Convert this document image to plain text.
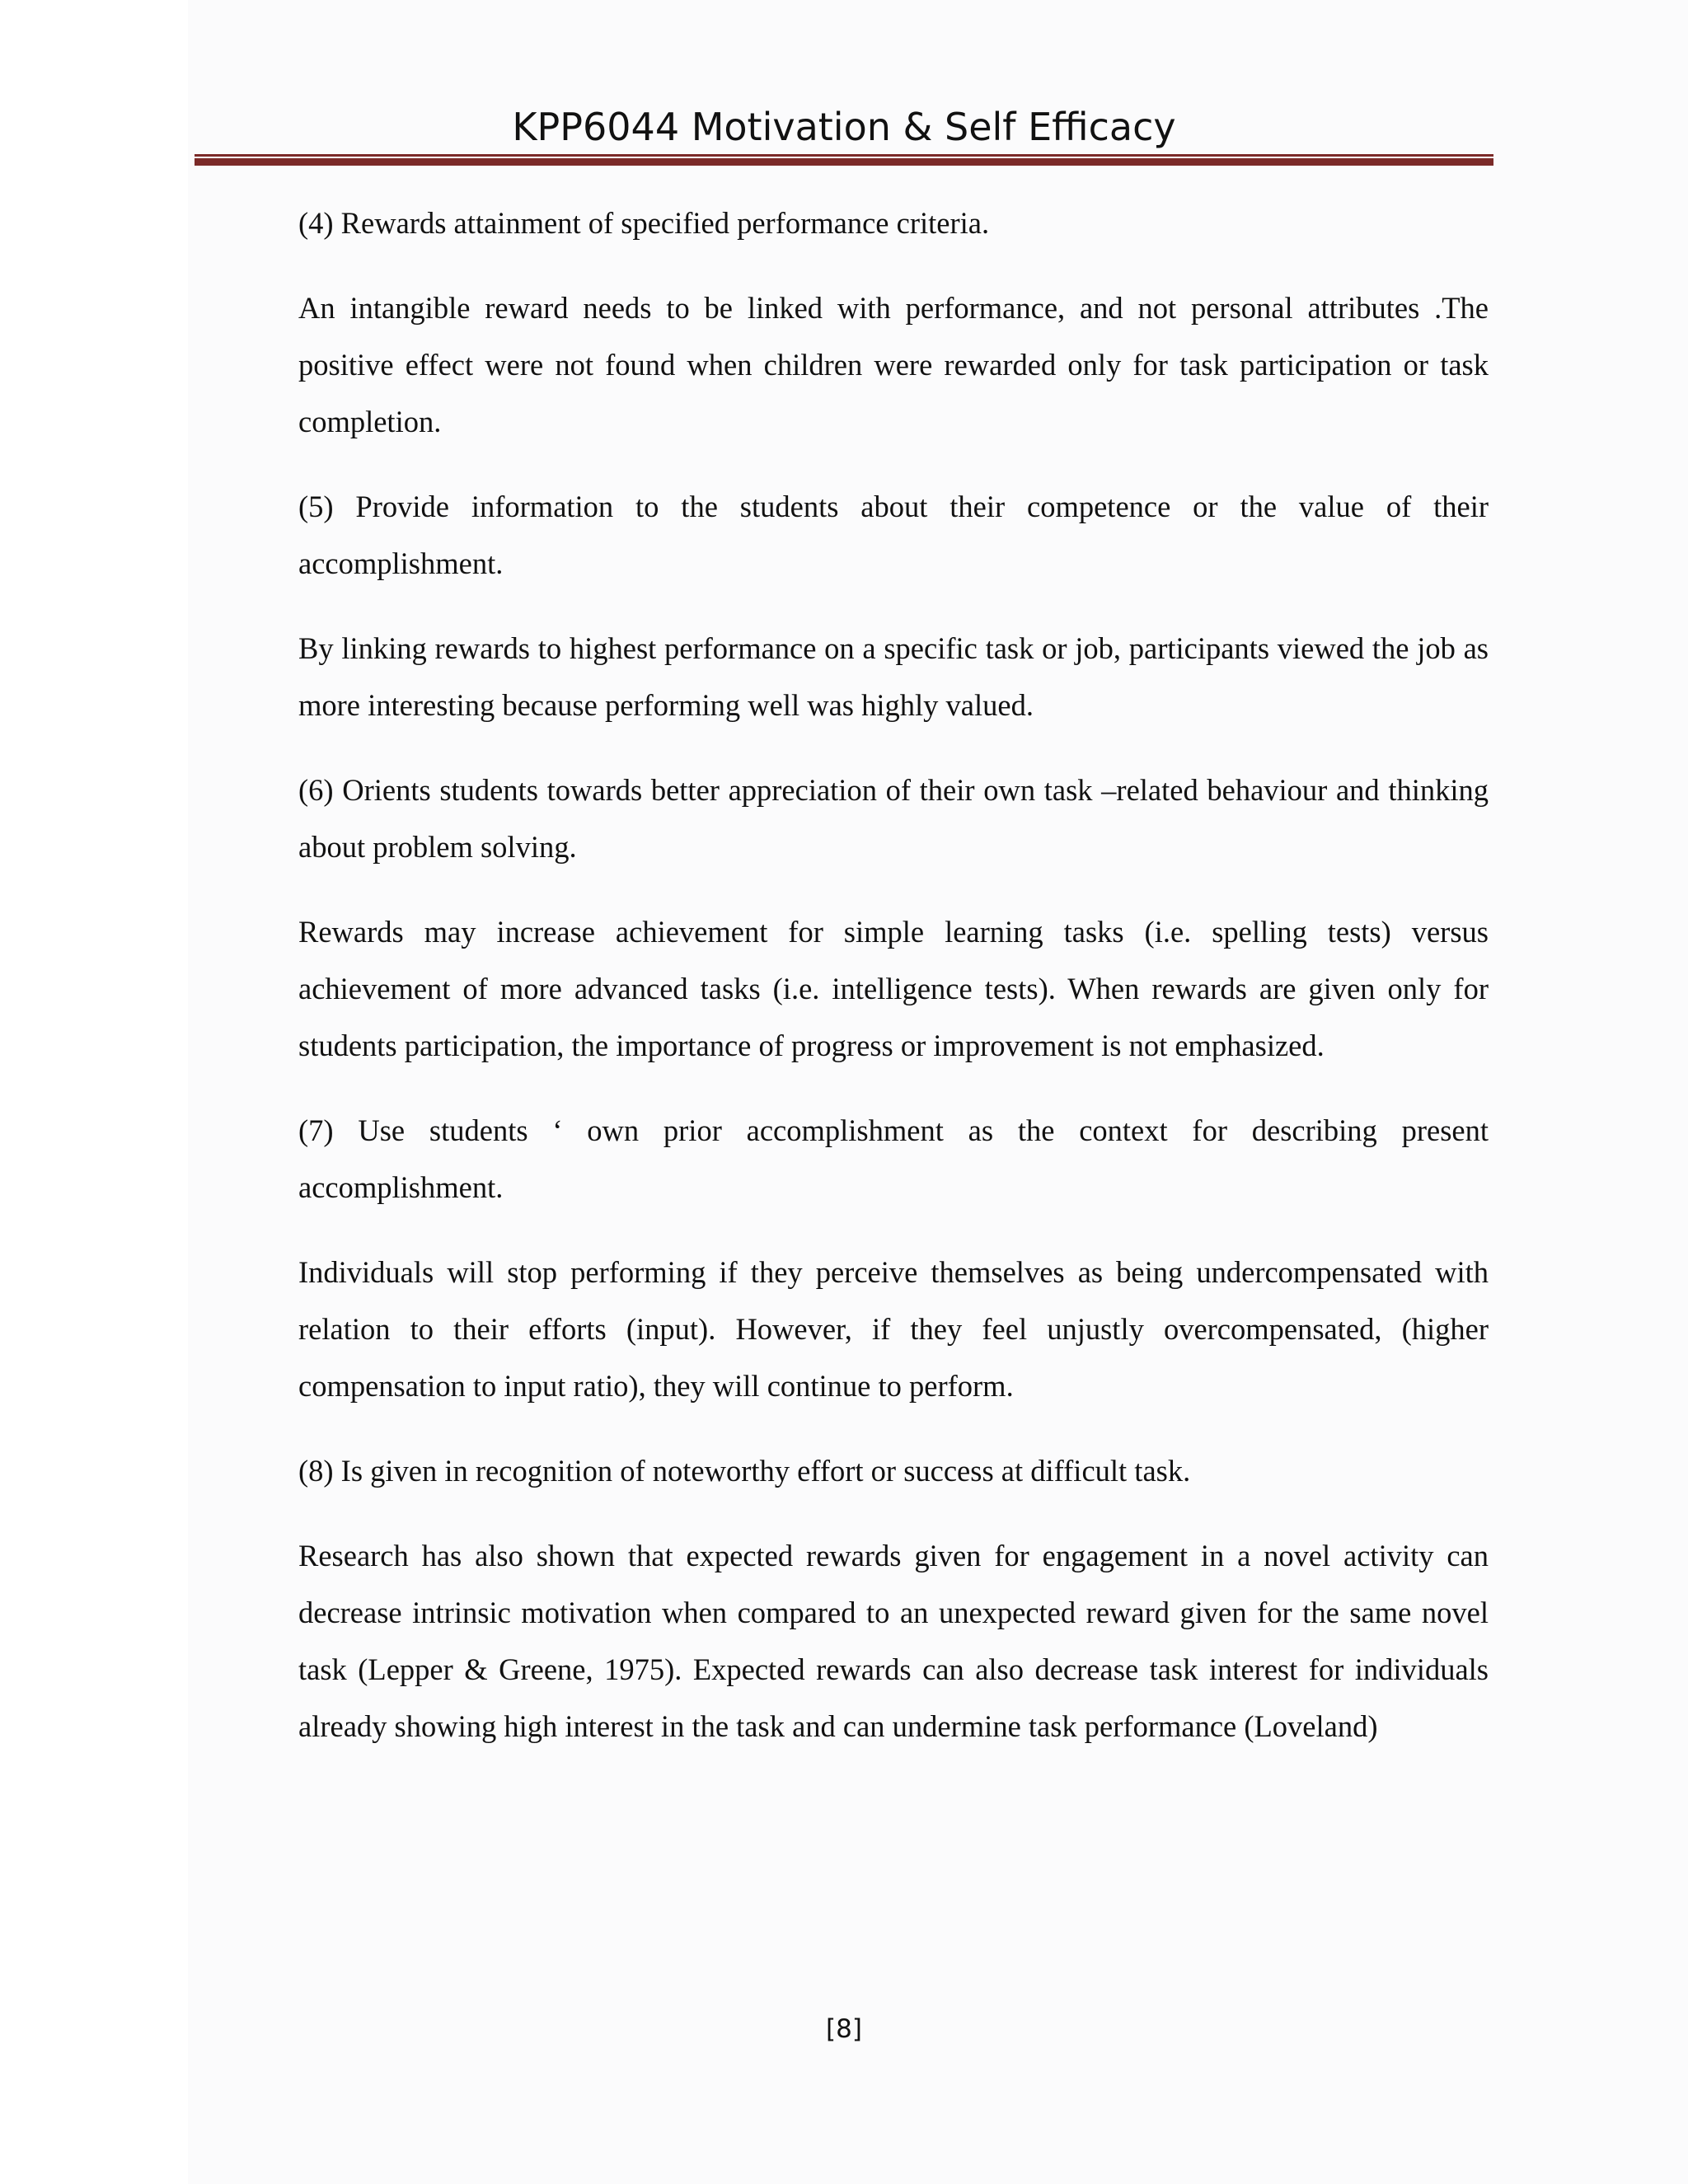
KPP6044 Motivation & Self Efficacy

(4) Rewards attainment of specified performance criteria.

An intangible reward needs to be linked with performance, and not personal attributes .The positive effect were not found when children were rewarded only for task participation or task completion.

(5) Provide information to the students about their competence or the value of their accomplishment.

By linking rewards to highest performance on a specific task or job, participants viewed the job as more interesting because performing well was highly valued.

(6) Orients students towards better appreciation of their own task –related behaviour and thinking about problem solving.

Rewards may increase achievement for simple learning tasks (i.e. spelling tests) versus achievement of more advanced tasks (i.e. intelligence tests). When rewards are given only for students participation, the importance of progress or improvement is not emphasized.

(7) Use students ‘ own prior accomplishment as the context for describing present accomplishment.

Individuals will stop performing if they perceive themselves as being undercompensated with relation to their efforts (input). However, if they feel unjustly overcompensated, (higher compensation to input ratio), they will continue to perform.

(8) Is given in recognition of noteworthy effort or success at difficult task.

Research has also shown that expected rewards given for engagement in a novel activity can decrease intrinsic motivation when compared to an unexpected reward given for the same novel task (Lepper & Greene, 1975). Expected rewards can also decrease task interest for individuals already showing high interest in the task and can undermine task performance (Loveland)

[8]
